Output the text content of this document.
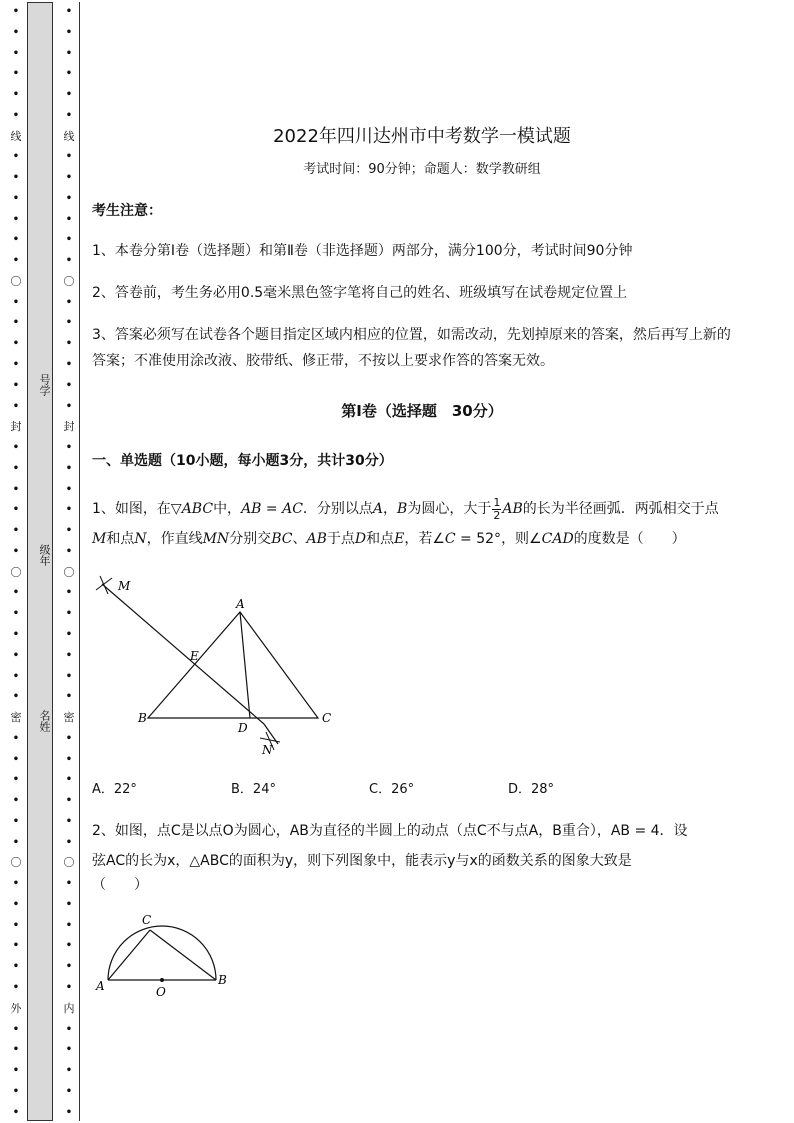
•
•
•
•
•
•
线
•
•
•
•
•
•
〇
•
•
•
•
•
•
封
•
•
•
•
•
•
〇
•
•
•
•
•
•
密
•
•
•
•
•
•
〇
•
•
•
•
•
•
外
•
•
•
•
•
•
•
•
•
•
•
线
•
•
•
•
•
•
〇
•
•
•
•
•
•
封
•
•
•
•
•
•
〇
•
•
•
•
•
•
密
•
•
•
•
•
•
〇
•
•
•
•
•
•
内
•
•
•
•
•
号学
级年
名姓
2022年四川达州市中考数学一模试题
考试时间：90分钟；命题人：数学教研组
考生注意：
1、本卷分第I卷（选择题）和第Ⅱ卷（非选择题）两部分，满分100分，考试时间90分钟
2、答卷前，考生务必用0.5毫米黑色签字笔将自己的姓名、班级填写在试卷规定位置上
3、答案必须写在试卷各个题目指定区域内相应的位置，如需改动，先划掉原来的答案，然后再写上新的答案；不准使用涂改液、胶带纸、修正带，不按以上要求作答的答案无效。
第I卷（选择题　30分）
一、单选题（10小题，每小题3分，共计30分）
1、如图，在▽ABC中，AB = AC．分别以点A，B为圆心，大于 $\frac{1}{2}$ AB的长为半径画弧．两弧相交于点
M和点N，作直线MN分别交BC、AB于点D和点E，若∠C = 52°，则∠CAD的度数是（　　）
M
A
E
B
D
C
N
A．22°	B．24°	C．26°	D．28°
2、如图，点C是以点O为圆心，AB为直径的半圆上的动点（点C不与点A，B重合），AB = 4．设
弦AC的长为x，△ABC的面积为y，则下列图象中，能表示y与x的函数关系的图象大致是
（　　）
C
A	O
B
